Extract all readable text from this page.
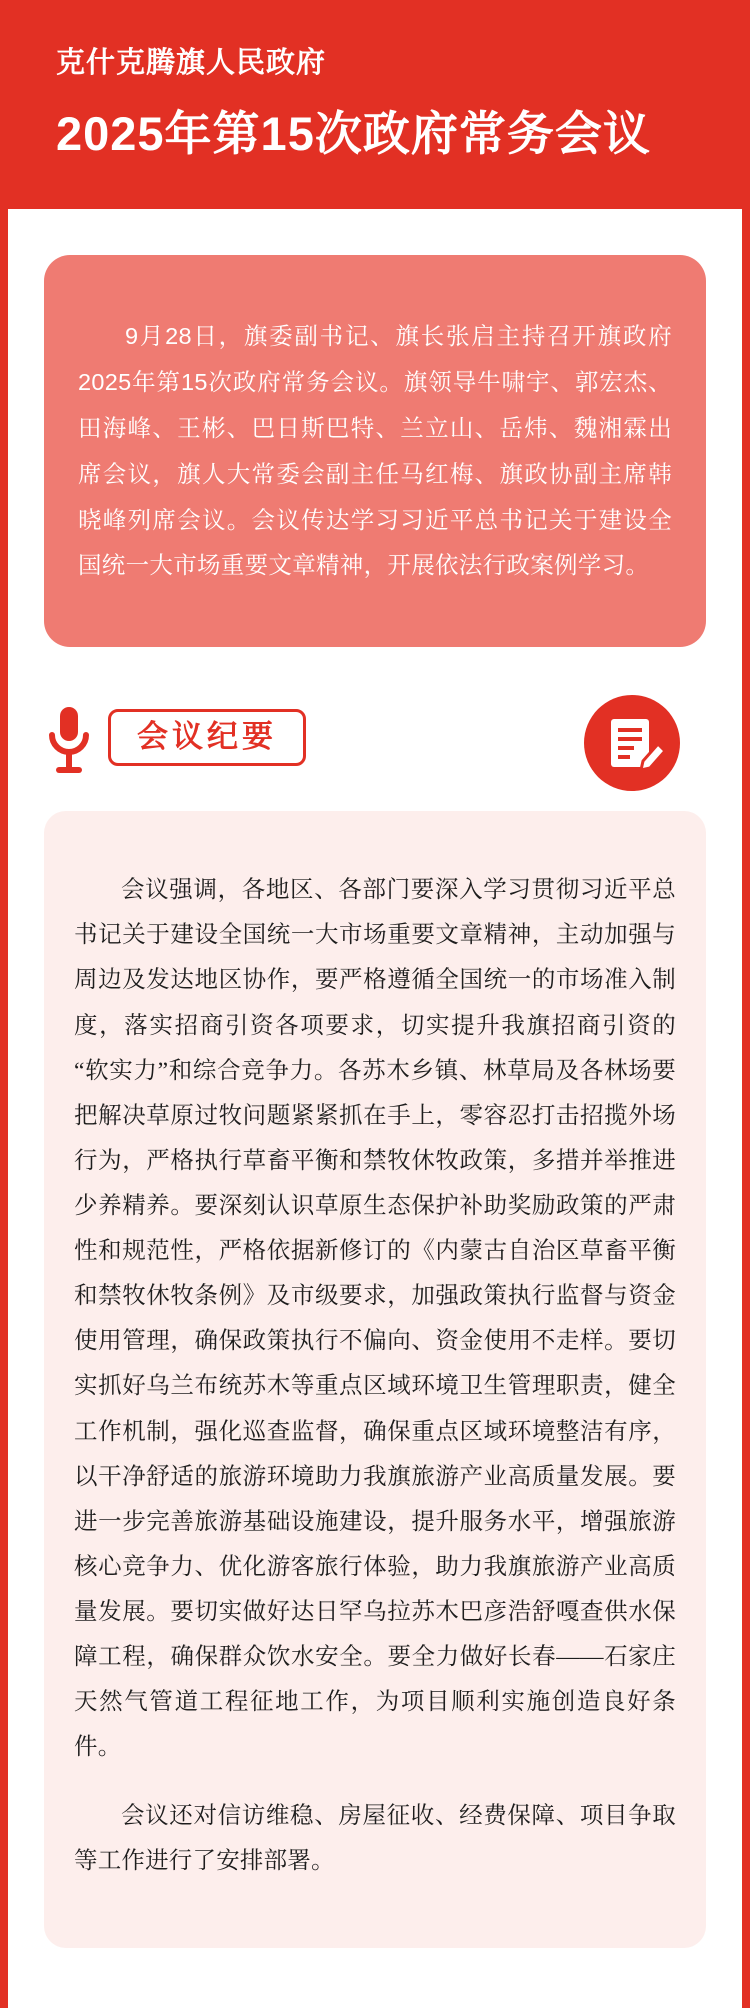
克什克腾旗人民政府
2025年第15次政府常务会议

9月28日，旗委副书记、旗长张启主持召开旗政府2025年第15次政府常务会议。旗领导牛啸宇、郭宏杰、田海峰、王彬、巴日斯巴特、兰立山、岳炜、魏湘霖出席会议，旗人大常委会副主任马红梅、旗政协副主席韩晓峰列席会议。会议传达学习习近平总书记关于建设全国统一大市场重要文章精神，开展依法行政案例学习。

会议纪要

会议强调，各地区、各部门要深入学习贯彻习近平总书记关于建设全国统一大市场重要文章精神，主动加强与周边及发达地区协作，要严格遵循全国统一的市场准入制度，落实招商引资各项要求，切实提升我旗招商引资的“软实力”和综合竞争力。各苏木乡镇、林草局及各林场要把解决草原过牧问题紧紧抓在手上，零容忍打击招揽外场行为，严格执行草畜平衡和禁牧休牧政策，多措并举推进少养精养。要深刻认识草原生态保护补助奖励政策的严肃性和规范性，严格依据新修订的《内蒙古自治区草畜平衡和禁牧休牧条例》及市级要求，加强政策执行监督与资金使用管理，确保政策执行不偏向、资金使用不走样。要切实抓好乌兰布统苏木等重点区域环境卫生管理职责，健全工作机制，强化巡查监督，确保重点区域环境整洁有序，以干净舒适的旅游环境助力我旗旅游产业高质量发展。要进一步完善旅游基础设施建设，提升服务水平，增强旅游核心竞争力、优化游客旅行体验，助力我旗旅游产业高质量发展。要切实做好达日罕乌拉苏木巴彦浩舒嘎查供水保障工程，确保群众饮水安全。要全力做好长春——石家庄天然气管道工程征地工作，为项目顺利实施创造良好条件。

会议还对信访维稳、房屋征收、经费保障、项目争取等工作进行了安排部署。
